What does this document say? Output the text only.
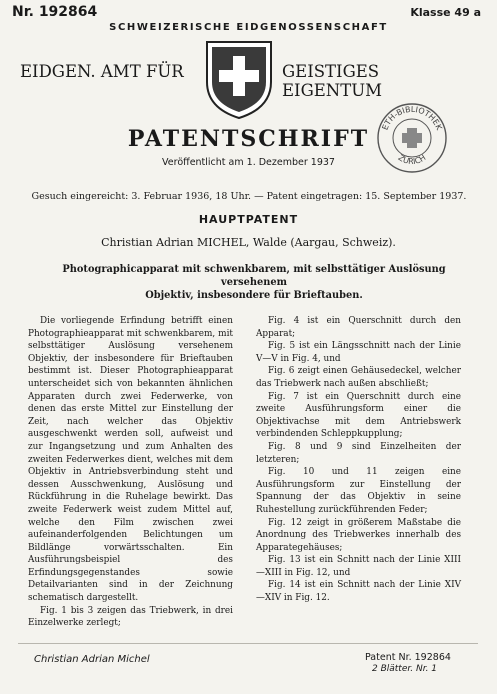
Nr. 192864	Klasse 49 a
SCHWEIZERISCHE EIDGENOSSENSCHAFT
EIDGEN. AMT FÜR	GEISTIGES EIGENTUM
PATENTSCHRIFT
Veröffentlicht am 1. Dezember 1937
ETH-BIBLIOTHEK
ZÜRICH
Gesuch eingereicht: 3. Februar 1936, 18 Uhr. — Patent eingetragen: 15. September 1937.
HAUPTPATENT
Christian Adrian MICHEL, Walde (Aargau, Schweiz).
Photographicapparat mit schwenkbarem, mit selbsttätiger Auslösung versehenem
Objektiv, insbesondere für Brieftauben.

Die vorliegende Erfindung betrifft einen Photographieapparat mit schwenkbarem, mit selbsttätiger Auslösung versehenem Objektiv, der insbesondere für Brieftauben bestimmt ist. Dieser Photographieapparat unterscheidet sich von bekannten ähnlichen Apparaten durch zwei Federwerke, von denen das erste Mittel zur Einstellung der Zeit, nach welcher das Objektiv ausgeschwenkt werden soll, aufweist und zur Ingangsetzung und zum Anhalten des zweiten Federwerkes dient, welches mit dem Objektiv in Antriebsverbindung steht und dessen Ausschwenkung, Auslösung und Rückführung in die Ruhelage bewirkt. Das zweite Federwerk weist zudem Mittel auf, welche den Film zwischen zwei aufeinanderfolgenden Belichtungen um Bildlänge vorwärtsschalten. Ein Ausführungsbeispiel des Erfindungsgegenstandes sowie Detailvarianten sind in der Zeichnung schematisch dargestellt.

Fig. 1 bis 3 zeigen das Triebwerk, in drei Einzelwerke zerlegt;

Fig. 4 ist ein Querschnitt durch den Apparat;

Fig. 5 ist ein Längsschnitt nach der Linie V—V in Fig. 4, und

Fig. 6 zeigt einen Gehäusedeckel, welcher das Triebwerk nach außen abschließt;

Fig. 7 ist ein Querschnitt durch eine zweite Ausführungsform einer die Objektivachse mit dem Antriebswerk verbindenden Schleppkupplung;

Fig. 8 und 9 sind Einzelheiten der letzteren;

Fig. 10 und 11 zeigen eine Ausführungsform zur Einstellung der Spannung der das Objektiv in seine Ruhestellung zurückführenden Feder;

Fig. 12 zeigt in größerem Maßstabe die Anordnung des Triebwerkes innerhalb des Apparategehäuses;

Fig. 13 ist ein Schnitt nach der Linie XIII—XIII in Fig. 12, und

Fig. 14 ist ein Schnitt nach der Linie XIV—XIV in Fig. 12.

Christian Adrian Michel	Patent Nr. 192864
2 Blätter. Nr. 1
